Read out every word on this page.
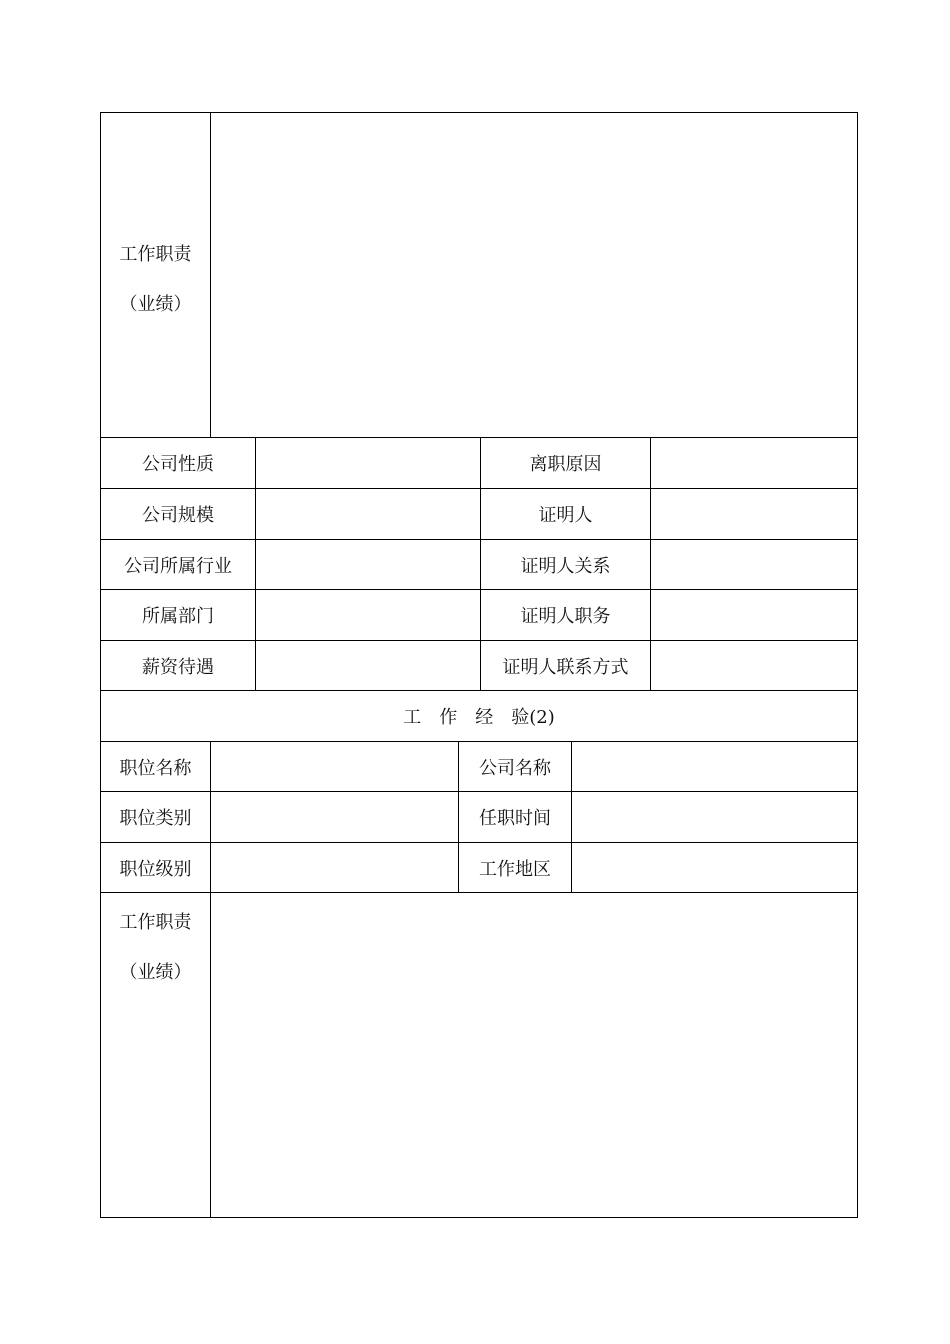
工作职责
（业绩）
公司性质	离职原因
公司规模	证明人
公司所属行业	证明人关系
所属部门	证明人职务
薪资待遇	证明人联系方式
工 作 经 验(2)
职位名称	公司名称
职位类别	任职时间
职位级别	工作地区
工作职责
（业绩）
